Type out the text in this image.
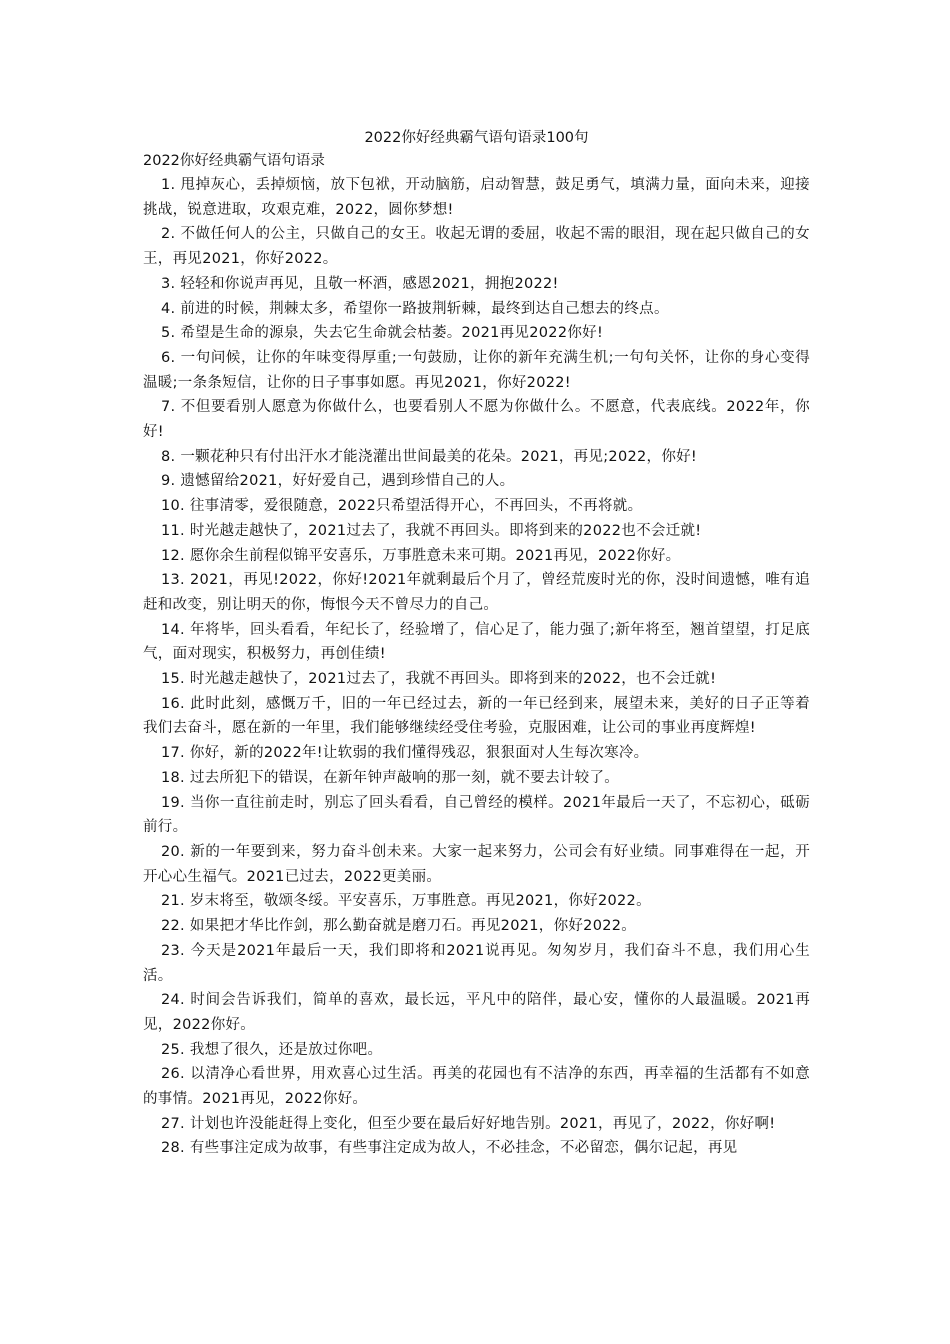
2022你好经典霸气语句语录100句

2022你好经典霸气语句语录

1. 甩掉灰心，丢掉烦恼，放下包袱，开动脑筋，启动智慧，鼓足勇气，填满力量，面向未来，迎接挑战，锐意进取，攻艰克难，2022，圆你梦想!

2. 不做任何人的公主，只做自己的女王。收起无谓的委屈，收起不需的眼泪，现在起只做自己的女王，再见2021，你好2022。

3. 轻轻和你说声再见，且敬一杯酒，感恩2021，拥抱2022!

4. 前进的时候，荆棘太多，希望你一路披荆斩棘，最终到达自己想去的终点。

5. 希望是生命的源泉，失去它生命就会枯萎。2021再见2022你好!

6. 一句问候，让你的年味变得厚重;一句鼓励，让你的新年充满生机;一句句关怀，让你的身心变得温暖;一条条短信，让你的日子事事如愿。再见2021，你好2022!

7. 不但要看别人愿意为你做什么，也要看别人不愿为你做什么。不愿意，代表底线。2022年，你好!

8. 一颗花种只有付出汗水才能浇灌出世间最美的花朵。2021，再见;2022，你好!

9. 遗憾留给2021，好好爱自己，遇到珍惜自己的人。

10. 往事清零，爱很随意，2022只希望活得开心，不再回头，不再将就。

11. 时光越走越快了，2021过去了，我就不再回头。即将到来的2022也不会迁就!

12. 愿你余生前程似锦平安喜乐，万事胜意未来可期。2021再见，2022你好。

13. 2021，再见!2022，你好!2021年就剩最后个月了，曾经荒废时光的你，没时间遗憾，唯有追赶和改变，别让明天的你，悔恨今天不曾尽力的自己。

14. 年将毕，回头看看，年纪长了，经验增了，信心足了，能力强了;新年将至，翘首望望，打足底气，面对现实，积极努力，再创佳绩!

15. 时光越走越快了，2021过去了，我就不再回头。即将到来的2022，也不会迁就!

16. 此时此刻，感慨万千，旧的一年已经过去，新的一年已经到来，展望未来，美好的日子正等着我们去奋斗，愿在新的一年里，我们能够继续经受住考验，克服困难，让公司的事业再度辉煌!

17. 你好，新的2022年!让软弱的我们懂得残忍，狠狠面对人生每次寒冷。

18. 过去所犯下的错误，在新年钟声敲响的那一刻，就不要去计较了。

19. 当你一直往前走时，别忘了回头看看，自己曾经的模样。2021年最后一天了，不忘初心，砥砺前行。

20. 新的一年要到来，努力奋斗创未来。大家一起来努力，公司会有好业绩。同事难得在一起，开开心心生福气。2021已过去，2022更美丽。

21. 岁末将至，敬颂冬绥。平安喜乐，万事胜意。再见2021，你好2022。

22. 如果把才华比作剑，那么勤奋就是磨刀石。再见2021，你好2022。

23. 今天是2021年最后一天，我们即将和2021说再见。匆匆岁月，我们奋斗不息，我们用心生活。

24. 时间会告诉我们，简单的喜欢，最长远，平凡中的陪伴，最心安，懂你的人最温暖。2021再见，2022你好。

25. 我想了很久，还是放过你吧。

26. 以清净心看世界，用欢喜心过生活。再美的花园也有不洁净的东西，再幸福的生活都有不如意的事情。2021再见，2022你好。

27. 计划也许没能赶得上变化，但至少要在最后好好地告别。2021，再见了，2022，你好啊!

28. 有些事注定成为故事，有些事注定成为故人，不必挂念，不必留恋，偶尔记起，再见
